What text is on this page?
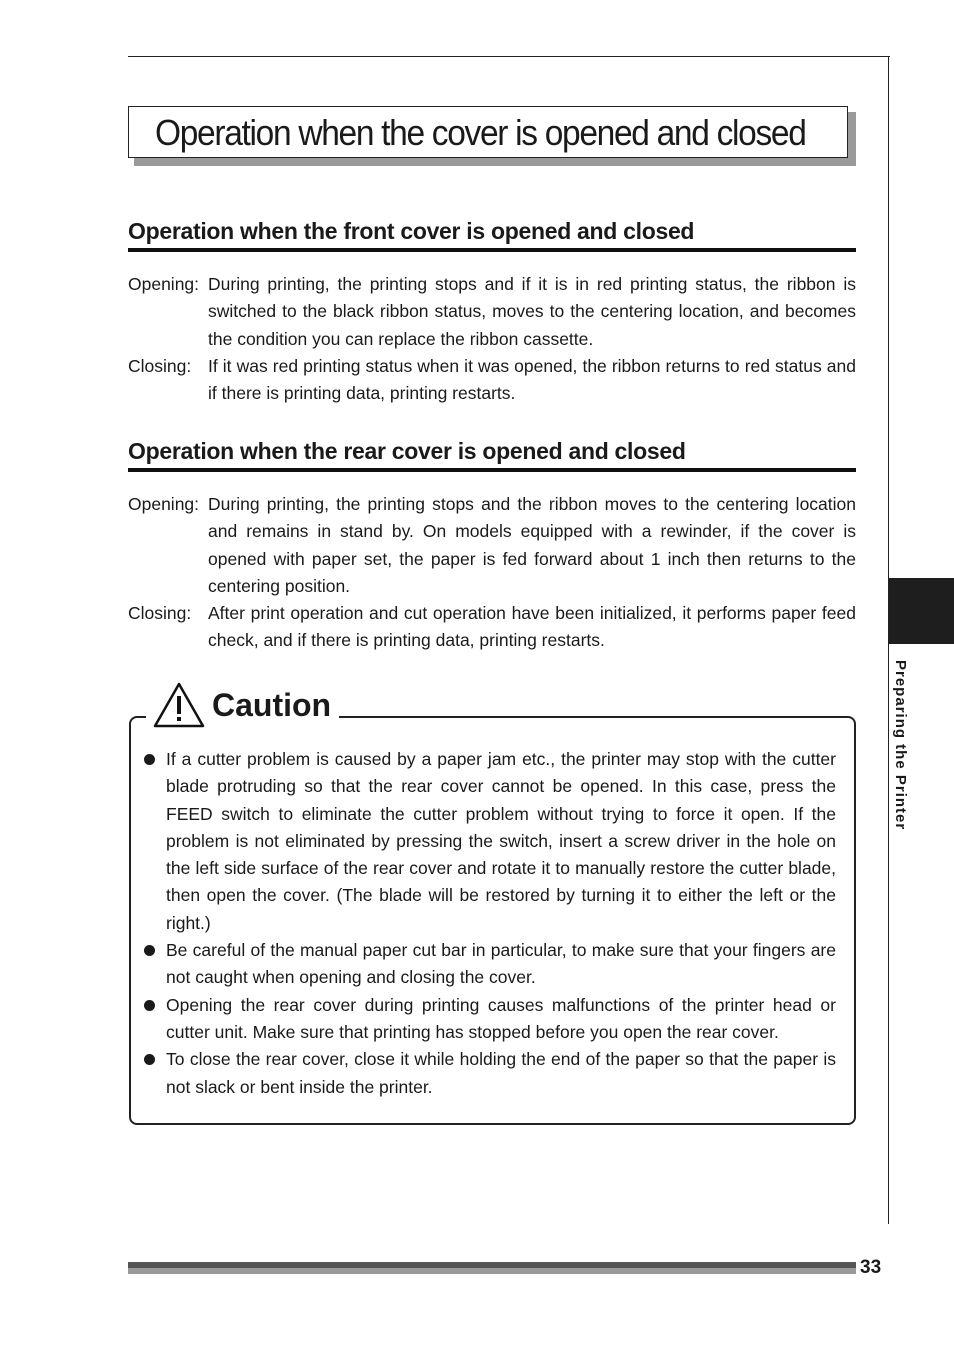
Operation when the cover is opened and closed
Operation when the front cover is opened and closed
Opening: During printing, the printing stops and if it is in red printing status, the ribbon is switched to the black ribbon status, moves to the centering location, and becomes the condition you can replace the ribbon cassette.
Closing: If it was red printing status when it was opened, the ribbon returns to red status and if there is printing data, printing restarts.
Operation when the rear cover is opened and closed
Opening: During printing, the printing stops and the ribbon moves to the centering location and remains in stand by. On models equipped with a rewinder, if the cover is opened with paper set, the paper is fed forward about 1 inch then returns to the centering position.
Closing: After print operation and cut operation have been initialized, it performs paper feed check, and if there is printing data, printing restarts.
Preparing the Printer
Caution
If a cutter problem is caused by a paper jam etc., the printer may stop with the cutter blade protruding so that the rear cover cannot be opened. In this case, press the FEED switch to eliminate the cutter problem without trying to force it open. If the problem is not eliminated by pressing the switch, insert a screw driver in the hole on the left side surface of the rear cover and rotate it to manually restore the cutter blade, then open the cover. (The blade will be restored by turning it to either the left or the right.)
Be careful of the manual paper cut bar in particular, to make sure that your fingers are not caught when opening and closing the cover.
Opening the rear cover during printing causes malfunctions of the printer head or cutter unit. Make sure that printing has stopped before you open the rear cover.
To close the rear cover, close it while holding the end of the paper so that the paper is not slack or bent inside the printer.
33
